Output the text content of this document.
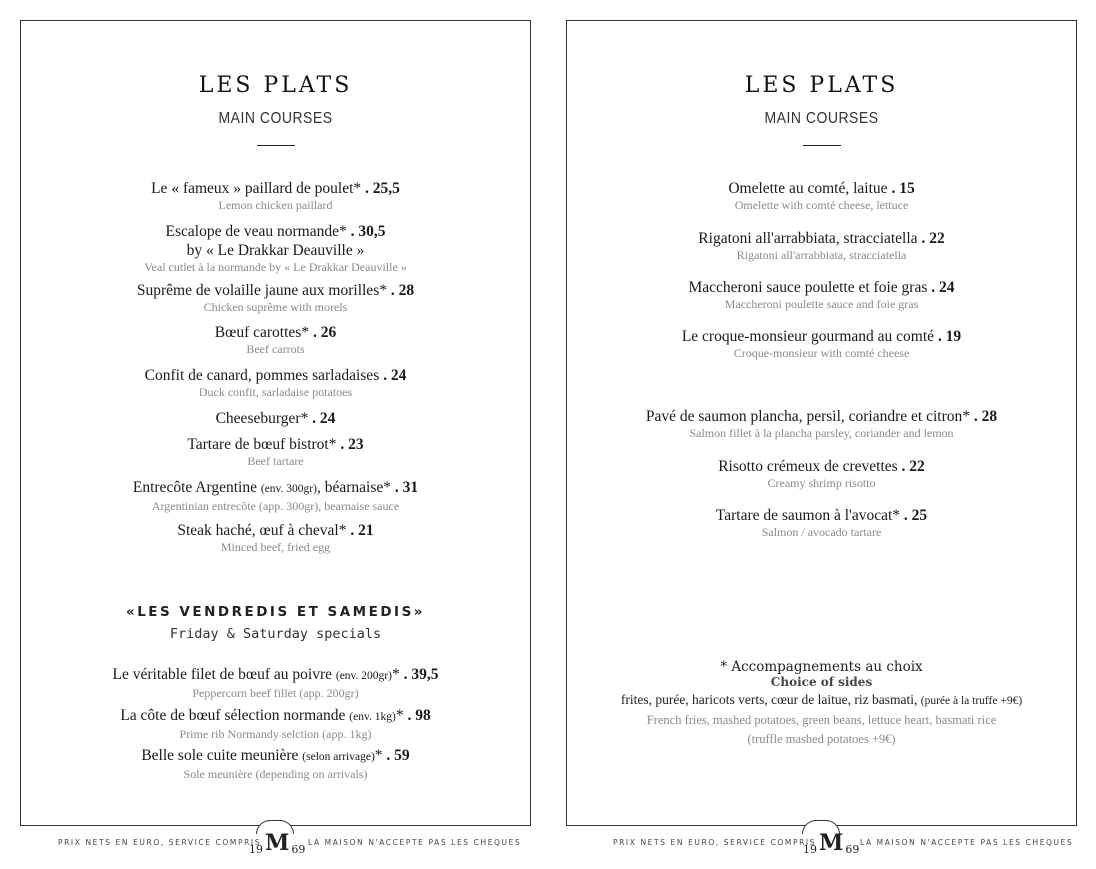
LES PLATS
MAIN COURSES
Le « fameux » paillard de poulet* . 25,5
Lemon chicken paillard
Escalope de veau normande* . 30,5
by « Le Drakkar Deauville »
Veal cutlet à la normande by « Le Drakkar Deauville »
Suprême de volaille jaune aux morilles* . 28
Chicken suprême with morels
Bœuf carottes* . 26
Beef carrots
Confit de canard, pommes sarladaises . 24
Duck confit, sarladaise potatoes
Cheeseburger* . 24
Tartare de bœuf bistrot* . 23
Beef tartare
Entrecôte Argentine (env. 300gr), béarnaise* . 31
Argentinian entrecôte (app. 300gr), bearnaise sauce
Steak haché, œuf à cheval* . 21
Minced beef, fried egg
«LES VENDREDIS ET SAMEDIS»
Friday & Saturday specials
Le véritable filet de bœuf au poivre (env. 200gr)* . 39,5
Peppercorn beef fillet (app. 200gr)
La côte de bœuf sélection normande (env. 1kg)* . 98
Prime rib Normandy selction (app. 1kg)
Belle sole cuite meunière (selon arrivage)* . 59
Sole meunière (depending on arrivals)
LES PLATS
MAIN COURSES
Omelette au comté, laitue . 15
Omelette with comté cheese, lettuce
Rigatoni all'arrabbiata, stracciatella . 22
Rigatoni all'arrabbiata, stracciatella
Maccheroni sauce poulette et foie gras . 24
Maccheroni poulette sauce and foie gras
Le croque-monsieur gourmand au comté . 19
Croque-monsieur with comté cheese
Pavé de saumon plancha, persil, coriandre et citron* . 28
Salmon fillet à la plancha parsley, coriander and lemon
Risotto crémeux de crevettes . 22
Creamy shrimp risotto
Tartare de saumon à l'avocat* . 25
Salmon / avocado tartare
* Accompagnements au choix
Choice of sides
frites, purée, haricots verts, cœur de laitue, riz basmati, (purée à la truffe +9€)
French fries, mashed potatoes, green beans, lettuce heart, basmati rice
(truffle mashed potatoes +9€)
PRIX NETS EN EURO, SERVICE COMPRIS
19M 69
LA MAISON N'ACCEPTE PAS LES CHÈQUES	PRIX NETS EN EURO, SERVICE COMPRIS
19M 69
LA MAISON N'ACCEPTE PAS LES CHÈQUES
